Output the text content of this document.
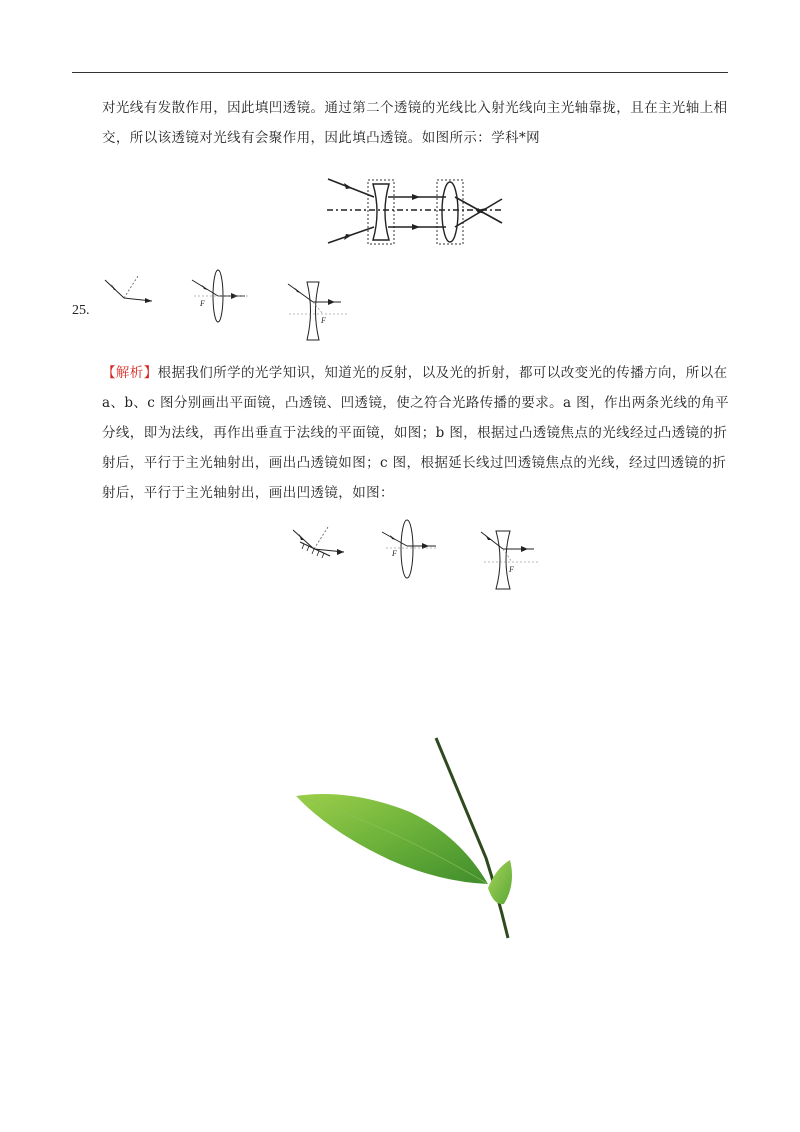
对光线有发散作用，因此填凹透镜。通过第二个透镜的光线比入射光线向主光轴靠拢，且在主光轴上相交，所以该透镜对光线有会聚作用，因此填凸透镜。如图所示：学科*网
25.	F
F
【解析】根据我们所学的光学知识，知道光的反射，以及光的折射，都可以改变光的传播方向，所以在 a、b、c 图分别画出平面镜，凸透镜、凹透镜，使之符合光路传播的要求。a 图，作出两条光线的角平分线，即为法线，再作出垂直于法线的平面镜，如图；b 图，根据过凸透镜焦点的光线经过凸透镜的折射后，平行于主光轴射出，画出凸透镜如图；c 图，根据延长线过凹透镜焦点的光线，经过凹透镜的折射后，平行于主光轴射出，画出凹透镜，如图：
F
F
